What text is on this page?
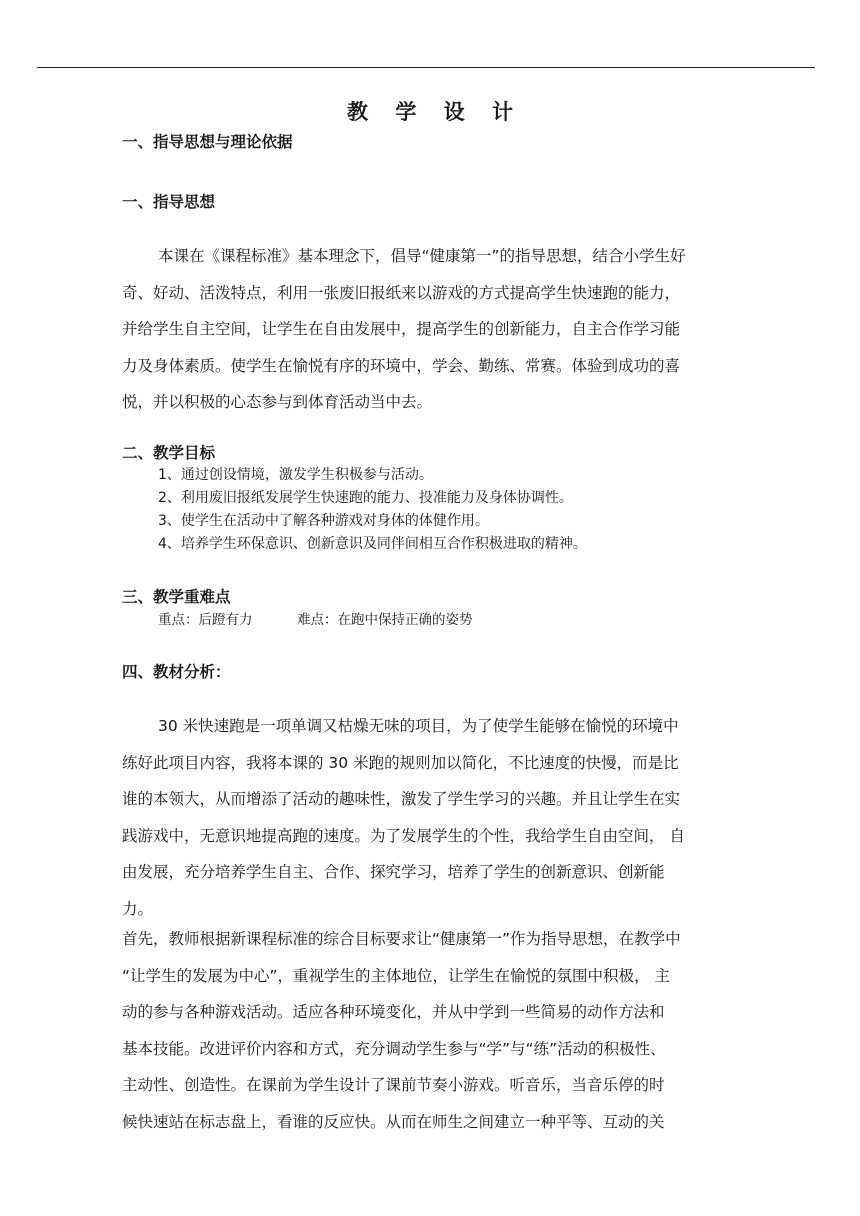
教 学 设 计
一、指导思想与理论依据
一、指导思想
本课在《课程标准》基本理念下，倡导“健康第一”的指导思想，结合小学生好
奇、好动、活泼特点，利用一张废旧报纸来以游戏的方式提高学生快速跑的能力，
并给学生自主空间，让学生在自由发展中，提高学生的创新能力，自主合作学习能
力及身体素质。使学生在愉悦有序的环境中，学会、勤练、常赛。体验到成功的喜
悦，并以积极的心态参与到体育活动当中去。
二、教学目标
1、通过创设情境，激发学生积极参与活动。
2、利用废旧报纸发展学生快速跑的能力、投准能力及身体协调性。
3、使学生在活动中了解各种游戏对身体的体健作用。
4、培养学生环保意识、创新意识及同伴间相互合作积极进取的精神。
三、教学重难点
重点：后蹬有力	难点：在跑中保持正确的姿势
四、教材分析：
30 米快速跑是一项单调又枯燥无味的项目，为了使学生能够在愉悦的环境中
练好此项目内容，我将本课的 30 米跑的规则加以简化，不比速度的快慢，而是比
谁的本领大，从而增添了活动的趣味性，激发了学生学习的兴趣。并且让学生在实
践游戏中，无意识地提高跑的速度。为了发展学生的个性，我给学生自由空间， 自
由发展，充分培养学生自主、合作、探究学习，培养了学生的创新意识、创新能
力。
首先，教师根据新课程标准的综合目标要求让“健康第一”作为指导思想，在教学中
“让学生的发展为中心”，重视学生的主体地位，让学生在愉悦的氛围中积极， 主
动的参与各种游戏活动。适应各种环境变化，并从中学到一些简易的动作方法和
基本技能。改进评价内容和方式，充分调动学生参与“学”与“练”活动的积极性、
主动性、创造性。在课前为学生设计了课前节奏小游戏。听音乐，当音乐停的时
候快速站在标志盘上，看谁的反应快。从而在师生之间建立一种平等、互动的关
